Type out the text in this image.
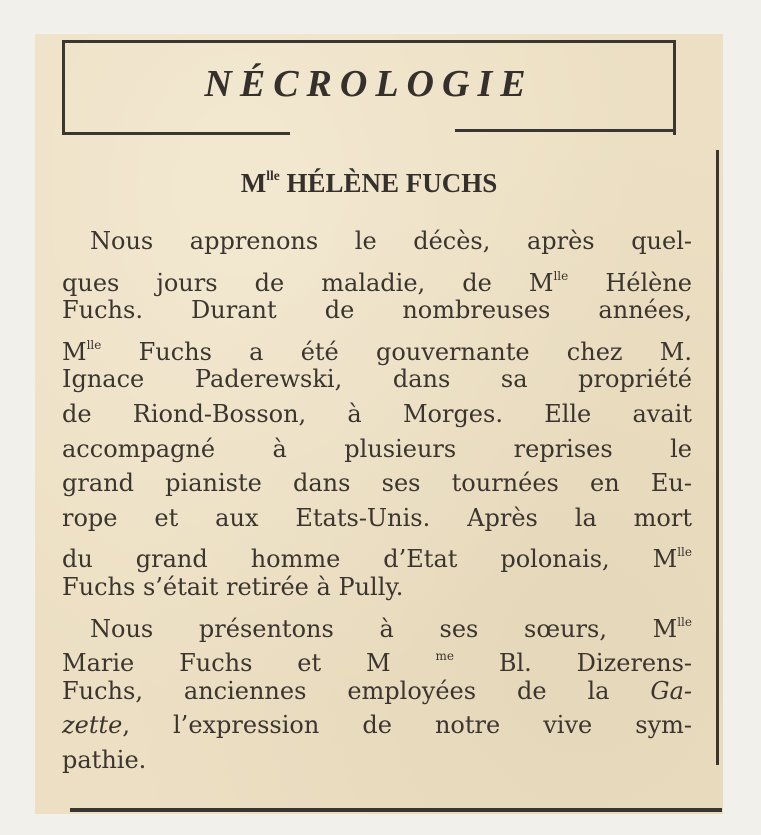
NÉCROLOGIE
$M^{lle}$ HÉLÈNE FUCHS
Nous apprenons le décès, après quel-
ques jours de maladie, de $M^{lle}$ Hélène
Fuchs. Durant de nombreuses années,
$M^{lle}$ Fuchs a été gouvernante chez M.
Ignace Paderewski, dans sa propriété
de Riond-Bosson, à Morges. Elle avait
accompagné à plusieurs reprises le
grand pianiste dans ses tournées en Eu-
rope et aux Etats-Unis. Après la mort
du grand homme d’Etat polonais, $M^{lle}$
Fuchs s’était retirée à Pully.
Nous présentons à ses sœurs, $M^{lle}$
Marie Fuchs et M $^{me}$ Bl. Dizerens-
Fuchs, anciennes employées de la Ga-
zette, l’expression de notre vive sym-
pathie.
